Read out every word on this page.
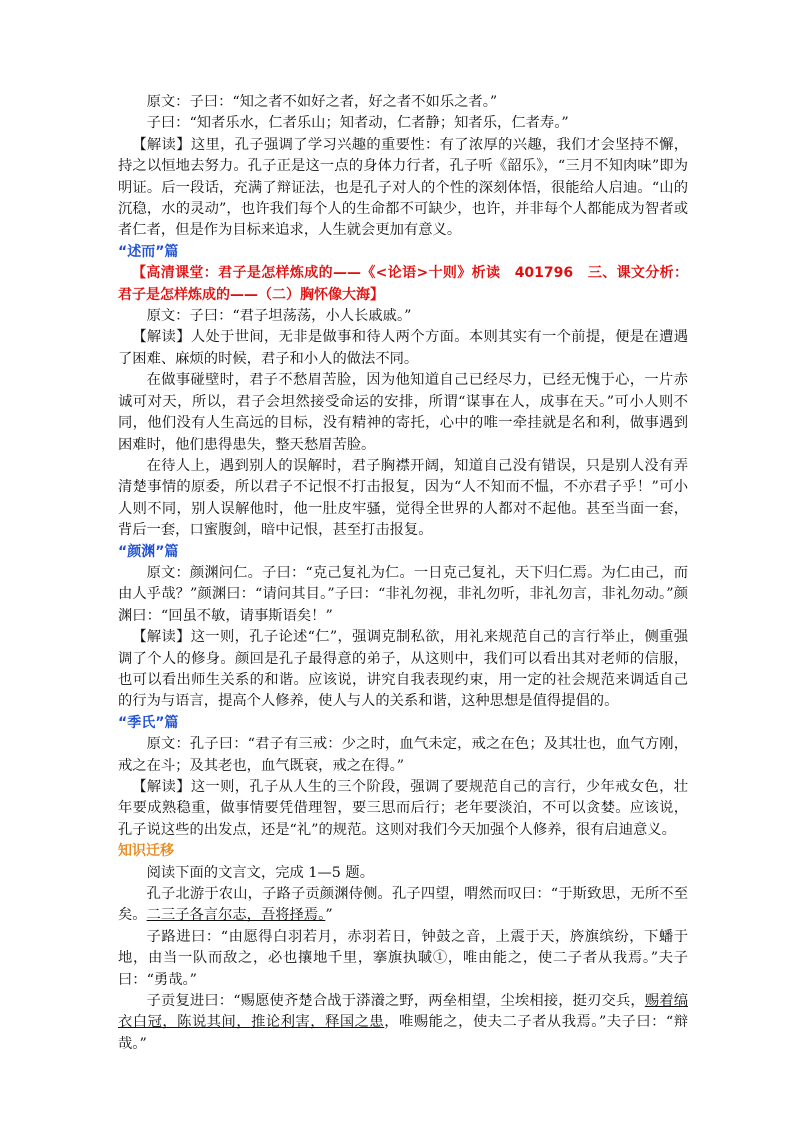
原文：子曰：“知之者不如好之者，好之者不如乐之者。”

子曰：“知者乐水，仁者乐山；知者动，仁者静；知者乐，仁者寿。”

【解读】这里，孔子强调了学习兴趣的重要性：有了浓厚的兴趣，我们才会坚持不懈，持之以恒地去努力。孔子正是这一点的身体力行者，孔子听《韶乐》，“三月不知肉味”即为明证。后一段话，充满了辩证法，也是孔子对人的个性的深刻体悟，很能给人启迪。“山的沉稳，水的灵动”，也许我们每个人的生命都不可缺少，也许，并非每个人都能成为智者或者仁者，但是作为目标来追求，人生就会更加有意义。

“述而”篇

【高清课堂：君子是怎样炼成的——《<论语>十则》析读　401796　三、课文分析：君子是怎样炼成的——（二）胸怀像大海】

原文：子曰：“君子坦荡荡，小人长戚戚。”

【解读】人处于世间，无非是做事和待人两个方面。本则其实有一个前提，便是在遭遇了困难、麻烦的时候，君子和小人的做法不同。

在做事碰壁时，君子不愁眉苦脸，因为他知道自己已经尽力，已经无愧于心，一片赤诚可对天，所以，君子会坦然接受命运的安排，所谓“谋事在人，成事在天。”可小人则不同，他们没有人生高远的目标，没有精神的寄托，心中的唯一牵挂就是名和利，做事遇到困难时，他们患得患失，整天愁眉苦脸。

在待人上，遇到别人的误解时，君子胸襟开阔，知道自己没有错误，只是别人没有弄清楚事情的原委，所以君子不记恨不打击报复，因为“人不知而不愠，不亦君子乎！”可小人则不同，别人误解他时，他一肚皮牢骚，觉得全世界的人都对不起他。甚至当面一套，背后一套，口蜜腹剑，暗中记恨，甚至打击报复。

“颜渊”篇

原文：颜渊问仁。子曰：“克己复礼为仁。一日克己复礼，天下归仁焉。为仁由己，而由人乎哉？”颜渊曰：“请问其目。”子曰：“非礼勿视，非礼勿听，非礼勿言，非礼勿动。”颜渊曰：“回虽不敏，请事斯语矣！”

【解读】这一则，孔子论述“仁”，强调克制私欲，用礼来规范自己的言行举止，侧重强调了个人的修身。颜回是孔子最得意的弟子，从这则中，我们可以看出其对老师的信服，也可以看出师生关系的和谐。应该说，讲究自我表现约束，用一定的社会规范来调适自己的行为与语言，提高个人修养，使人与人的关系和谐，这种思想是值得提倡的。

“季氏”篇

原文：孔子曰：“君子有三戒：少之时，血气未定，戒之在色；及其壮也，血气方刚，戒之在斗；及其老也，血气既衰，戒之在得。”

【解读】这一则，孔子从人生的三个阶段，强调了要规范自己的言行，少年戒女色，壮年要成熟稳重，做事情要凭借理智，要三思而后行；老年要淡泊，不可以贪婪。应该说，孔子说这些的出发点，还是“礼”的规范。这则对我们今天加强个人修养，很有启迪意义。

知识迁移

阅读下面的文言文，完成 1—5 题。

孔子北游于农山，子路子贡颜渊侍侧。孔子四望，喟然而叹曰：“于斯致思，无所不至矣。二三子各言尔志，吾将择焉。”

子路进曰：“由愿得白羽若月，赤羽若日，钟鼓之音，上震于天，旍旗缤纷，下蟠于地，由当一队而敌之，必也攘地千里，搴旗执聝①，唯由能之，使二子者从我焉。”夫子曰：“勇哉。”

子贡复进曰：“赐愿使齐楚合战于漭瀁之野，两垒相望，尘埃相接，挺刃交兵，赐着缟衣白冠，陈说其间，推论利害，释国之患，唯赐能之，使夫二子者从我焉。”夫子曰：“辩哉。”
